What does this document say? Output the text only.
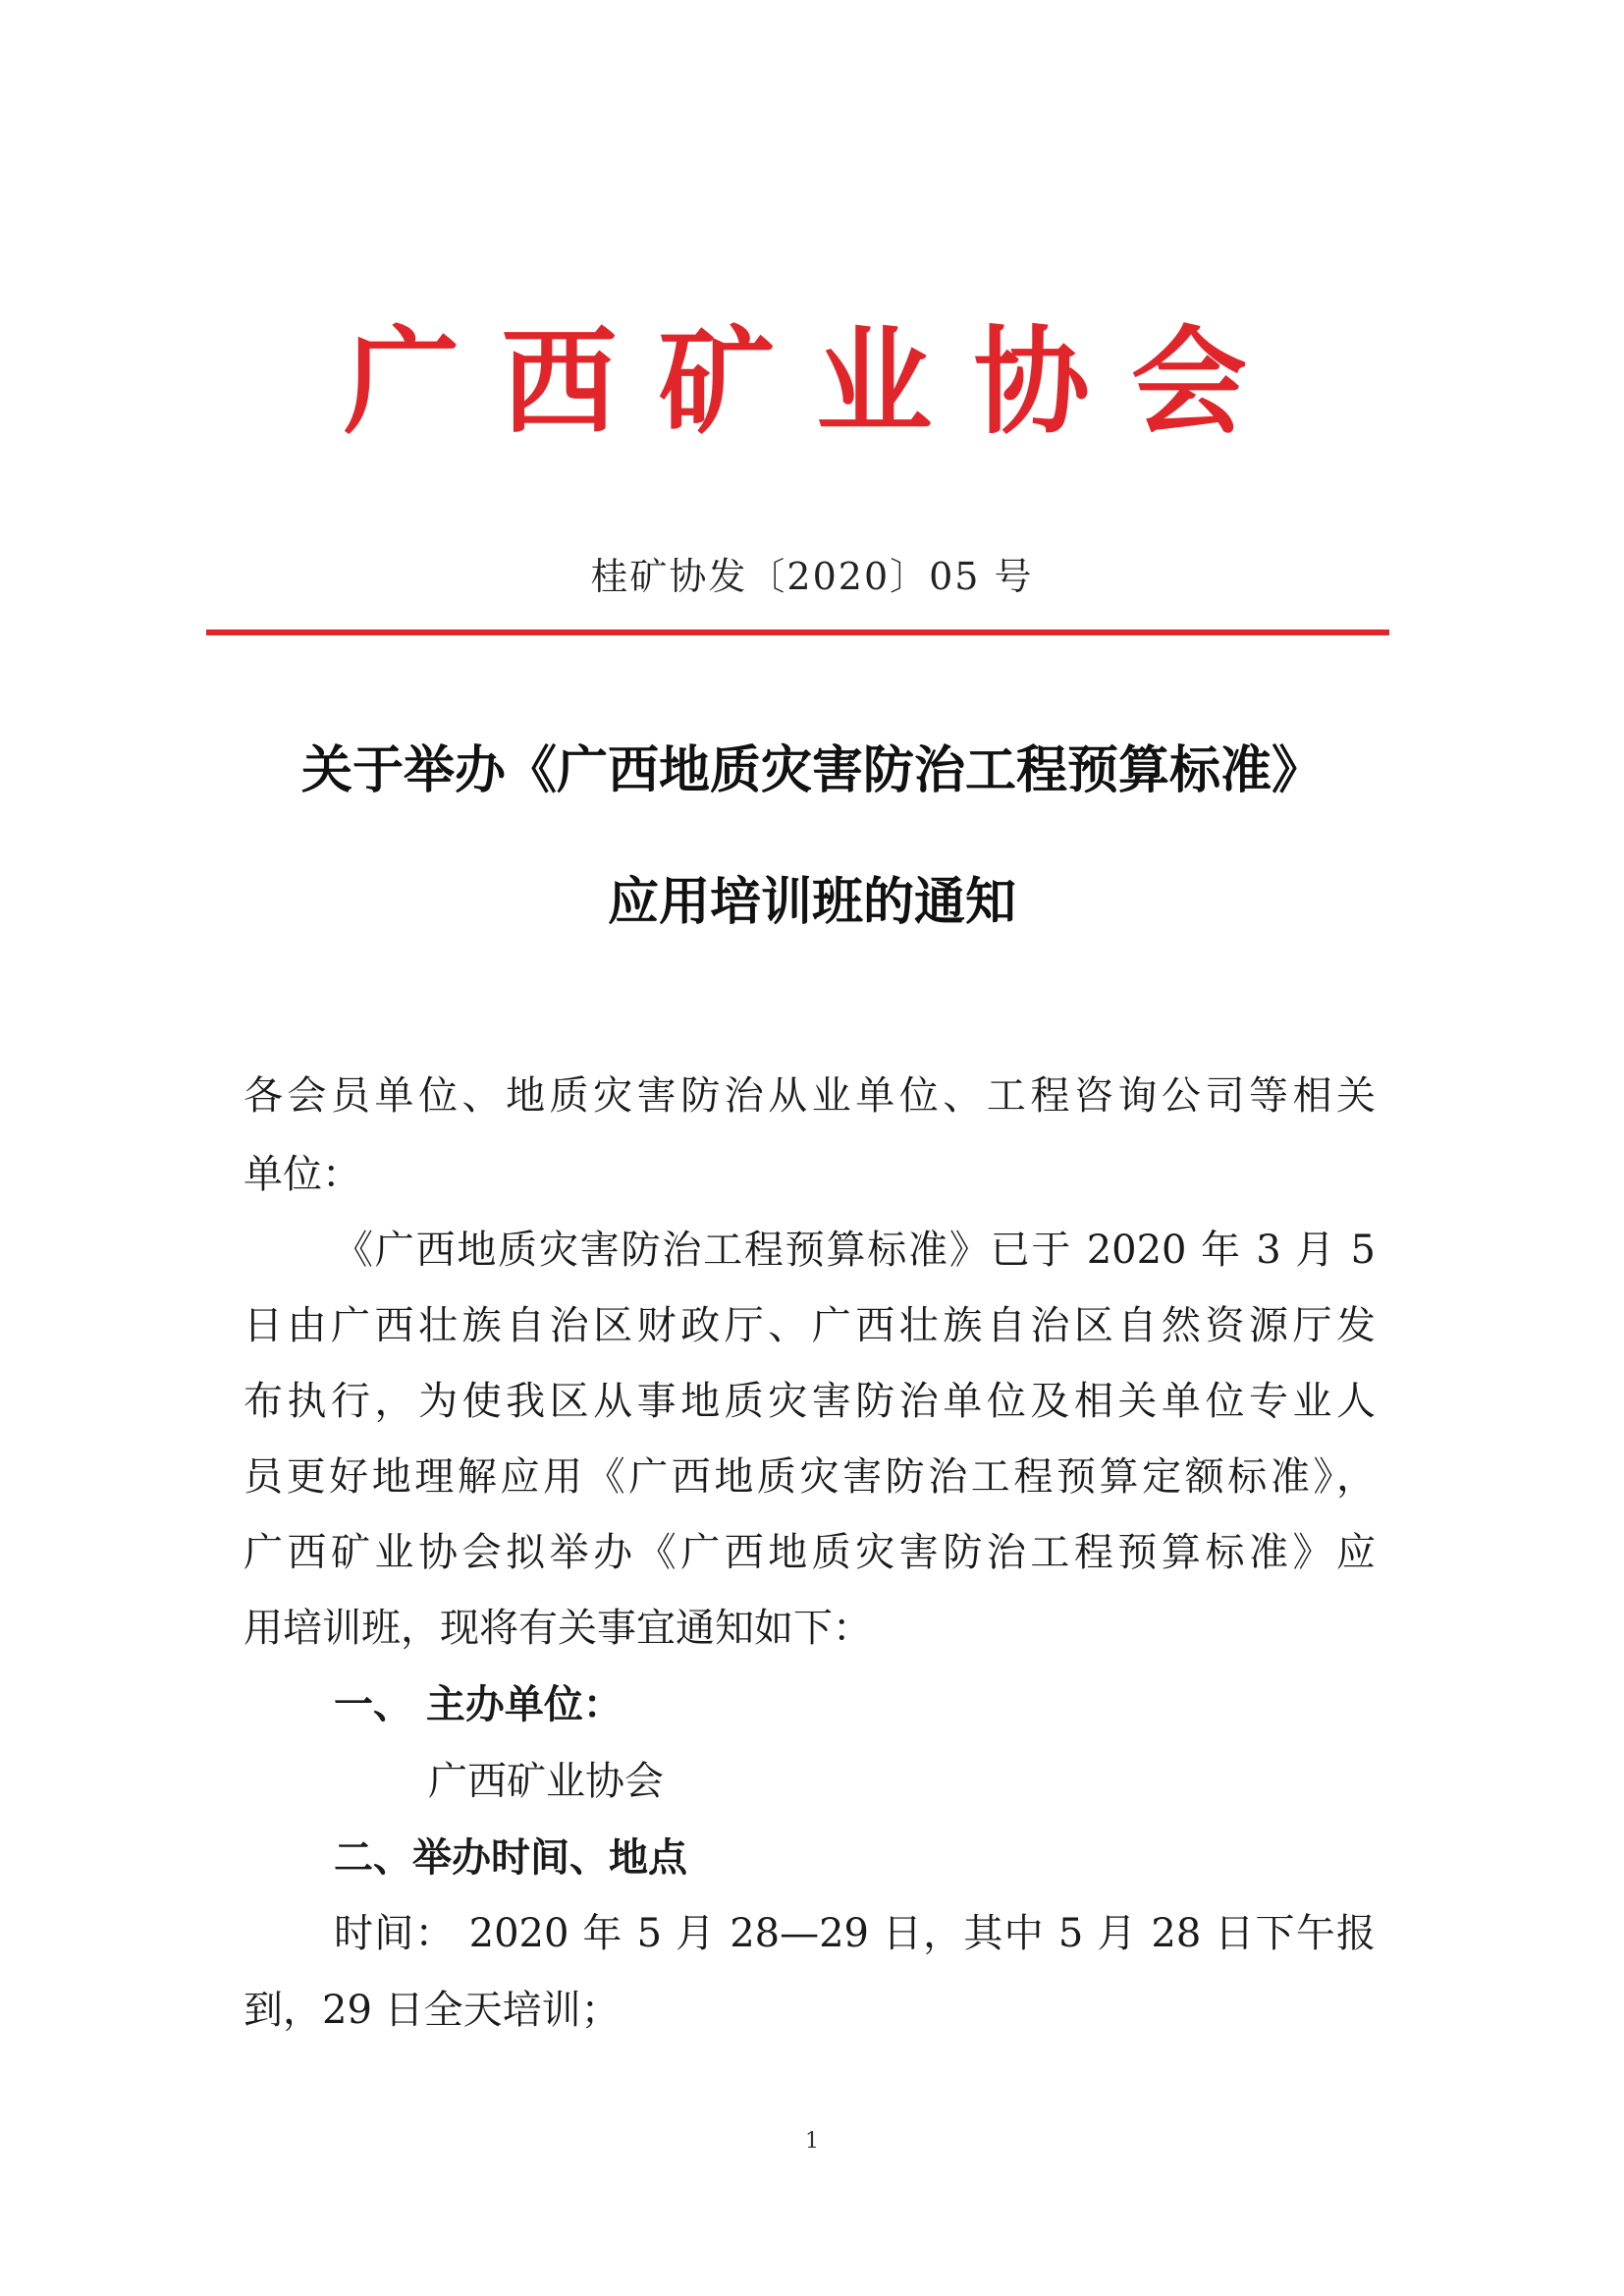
广 西 矿 业 协 会
桂矿协发〔2020〕05 号
关于举办《广西地质灾害防治工程预算标准》
应用培训班的通知
各会员单位、地质灾害防治从业单位、工程咨询公司等相关
单位：
《广西地质灾害防治工程预算标准》已于 2020 年 3 月 5
日由广西壮族自治区财政厅、广西壮族自治区自然资源厅发
布执行，为使我区从事地质灾害防治单位及相关单位专业人
员更好地理解应用《广西地质灾害防治工程预算定额标准》，
广西矿业协会拟举办《广西地质灾害防治工程预算标准》应
用培训班，现将有关事宜通知如下：
一、 主办单位：
广西矿业协会
二、举办时间、地点
时间： 2020 年 5 月 28—29 日，其中 5 月 28 日下午报
到，29 日全天培训；
1
